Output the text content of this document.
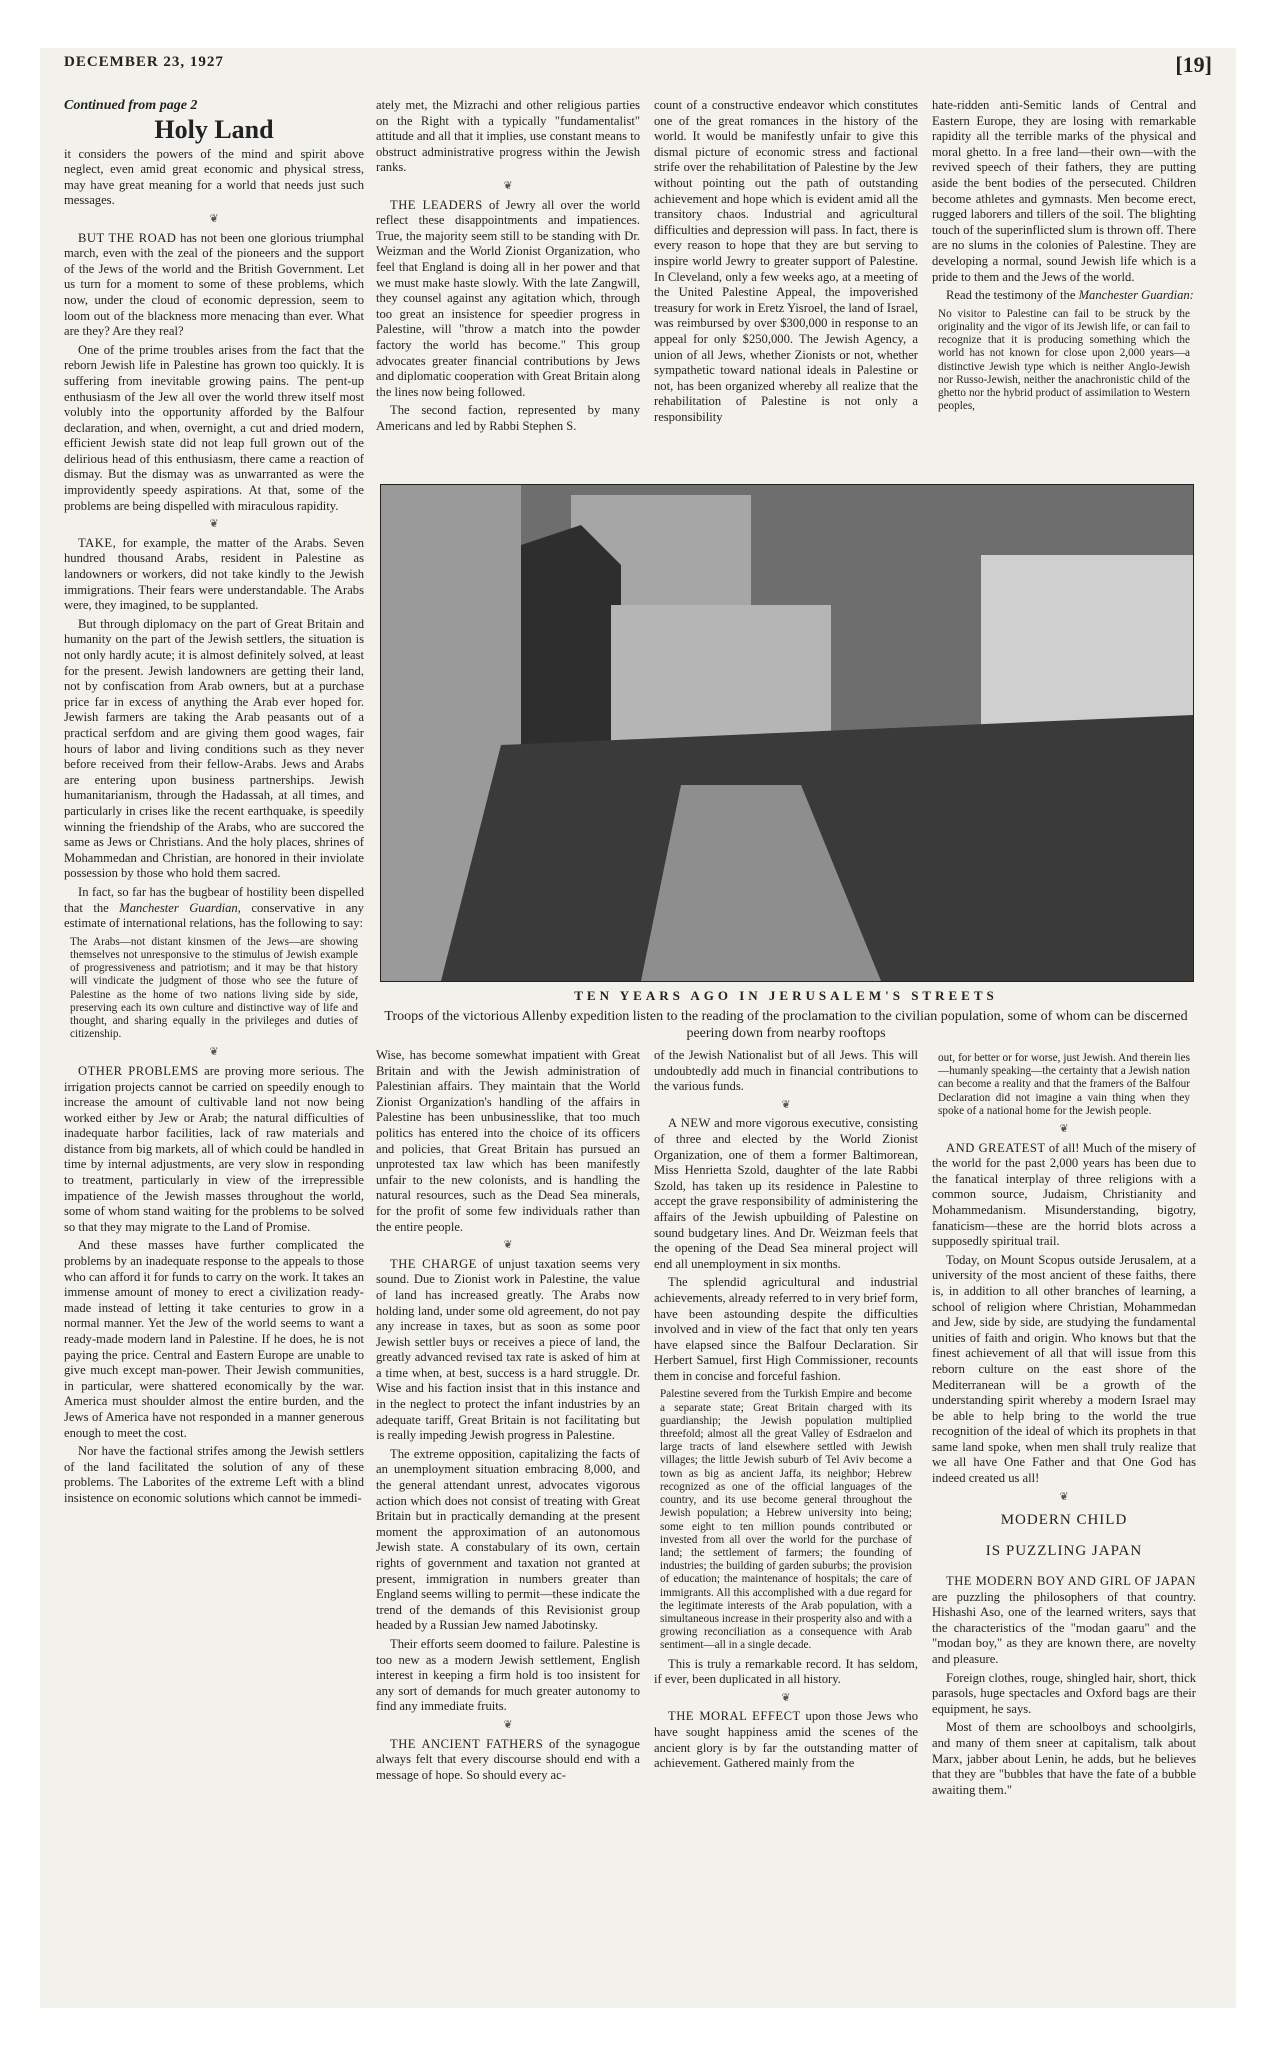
DECEMBER 23, 1927	[19]
Continued from page 2
Holy Land

it considers the powers of the mind and spirit above neglect, even amid great economic and physical stress, may have great meaning for a world that needs just such messages.

❦

BUT THE ROAD has not been one glorious triumphal march, even with the zeal of the pioneers and the support of the Jews of the world and the British Government. Let us turn for a moment to some of these problems, which now, under the cloud of economic depression, seem to loom out of the blackness more menacing than ever. What are they? Are they real?

One of the prime troubles arises from the fact that the reborn Jewish life in Palestine has grown too quickly. It is suffering from inevitable growing pains. The pent-up enthusiasm of the Jew all over the world threw itself most volubly into the opportunity afforded by the Balfour declaration, and when, overnight, a cut and dried modern, efficient Jewish state did not leap full grown out of the delirious head of this enthusiasm, there came a reaction of dismay. But the dismay was as unwarranted as were the improvidently speedy aspirations. At that, some of the problems are being dispelled with miraculous rapidity.

❦

TAKE, for example, the matter of the Arabs. Seven hundred thousand Arabs, resident in Palestine as landowners or workers, did not take kindly to the Jewish immigrations. Their fears were understandable. The Arabs were, they imagined, to be supplanted.

But through diplomacy on the part of Great Britain and humanity on the part of the Jewish settlers, the situation is not only hardly acute; it is almost definitely solved, at least for the present. Jewish landowners are getting their land, not by confiscation from Arab owners, but at a purchase price far in excess of anything the Arab ever hoped for. Jewish farmers are taking the Arab peasants out of a practical serfdom and are giving them good wages, fair hours of labor and living conditions such as they never before received from their fellow-Arabs. Jews and Arabs are entering upon business partnerships. Jewish humanitarianism, through the Hadassah, at all times, and particularly in crises like the recent earthquake, is speedily winning the friendship of the Arabs, who are succored the same as Jews or Christians. And the holy places, shrines of Mohammedan and Christian, are honored in their inviolate possession by those who hold them sacred.

In fact, so far has the bugbear of hostility been dispelled that the Manchester Guardian, conservative in any estimate of international relations, has the following to say:

The Arabs—not distant kinsmen of the Jews—are showing themselves not unresponsive to the stimulus of Jewish example of progressiveness and patriotism; and it may be that history will vindicate the judgment of those who see the future of Palestine as the home of two nations living side by side, preserving each its own culture and distinctive way of life and thought, and sharing equally in the privileges and duties of citizenship.
❦

OTHER PROBLEMS are proving more serious. The irrigation projects cannot be carried on speedily enough to increase the amount of cultivable land not now being worked either by Jew or Arab; the natural difficulties of inadequate harbor facilities, lack of raw materials and distance from big markets, all of which could be handled in time by internal adjustments, are very slow in responding to treatment, particularly in view of the irrepressible impatience of the Jewish masses throughout the world, some of whom stand waiting for the problems to be solved so that they may migrate to the Land of Promise.

And these masses have further complicated the problems by an inadequate response to the appeals to those who can afford it for funds to carry on the work. It takes an immense amount of money to erect a civilization ready-made instead of letting it take centuries to grow in a normal manner. Yet the Jew of the world seems to want a ready-made modern land in Palestine. If he does, he is not paying the price. Central and Eastern Europe are unable to give much except man-power. Their Jewish communities, in particular, were shattered economically by the war. America must shoulder almost the entire burden, and the Jews of America have not responded in a manner generous enough to meet the cost.

Nor have the factional strifes among the Jewish settlers of the land facilitated the solution of any of these problems. The Laborites of the extreme Left with a blind insistence on economic solutions which cannot be immedi-

ately met, the Mizrachi and other religious parties on the Right with a typically "fundamentalist" attitude and all that it implies, use constant means to obstruct administrative progress within the Jewish ranks.

❦

THE LEADERS of Jewry all over the world reflect these disappointments and impatiences. True, the majority seem still to be standing with Dr. Weizman and the World Zionist Organization, who feel that England is doing all in her power and that we must make haste slowly. With the late Zangwill, they counsel against any agitation which, through too great an insistence for speedier progress in Palestine, will "throw a match into the powder factory the world has become." This group advocates greater financial contributions by Jews and diplomatic cooperation with Great Britain along the lines now being followed.

The second faction, represented by many Americans and led by Rabbi Stephen S.

count of a constructive endeavor which constitutes one of the great romances in the history of the world. It would be manifestly unfair to give this dismal picture of economic stress and factional strife over the rehabilitation of Palestine by the Jew without pointing out the path of outstanding achievement and hope which is evident amid all the transitory chaos. Industrial and agricultural difficulties and depression will pass. In fact, there is every reason to hope that they are but serving to inspire world Jewry to greater support of Palestine. In Cleveland, only a few weeks ago, at a meeting of the United Palestine Appeal, the impoverished treasury for work in Eretz Yisroel, the land of Israel, was reimbursed by over $300,000 in response to an appeal for only $250,000. The Jewish Agency, a union of all Jews, whether Zionists or not, whether sympathetic toward national ideals in Palestine or not, has been organized whereby all realize that the rehabilitation of Palestine is not only a responsibility

hate-ridden anti-Semitic lands of Central and Eastern Europe, they are losing with remarkable rapidity all the terrible marks of the physical and moral ghetto. In a free land—their own—with the revived speech of their fathers, they are putting aside the bent bodies of the persecuted. Children become athletes and gymnasts. Men become erect, rugged laborers and tillers of the soil. The blighting touch of the superinflicted slum is thrown off. There are no slums in the colonies of Palestine. They are developing a normal, sound Jewish life which is a pride to them and the Jews of the world.

Read the testimony of the Manchester Guardian:

No visitor to Palestine can fail to be struck by the originality and the vigor of its Jewish life, or can fail to recognize that it is producing something which the world has not known for close upon 2,000 years—a distinctive Jewish type which is neither Anglo-Jewish nor Russo-Jewish, neither the anachronistic child of the ghetto nor the hybrid product of assimilation to Western peoples,
TEN YEARS AGO IN JERUSALEM'S STREETS
Troops of the victorious Allenby expedition listen to the reading of the proclamation to the civilian population, some of whom can be discerned peering down from nearby rooftops

Wise, has become somewhat impatient with Great Britain and with the Jewish administration of Palestinian affairs. They maintain that the World Zionist Organization's handling of the affairs in Palestine has been unbusinesslike, that too much politics has entered into the choice of its officers and policies, that Great Britain has pursued an unprotested tax law which has been manifestly unfair to the new colonists, and is handling the natural resources, such as the Dead Sea minerals, for the profit of some few individuals rather than the entire people.

❦

THE CHARGE of unjust taxation seems very sound. Due to Zionist work in Palestine, the value of land has increased greatly. The Arabs now holding land, under some old agreement, do not pay any increase in taxes, but as soon as some poor Jewish settler buys or receives a piece of land, the greatly advanced revised tax rate is asked of him at a time when, at best, success is a hard struggle. Dr. Wise and his faction insist that in this instance and in the neglect to protect the infant industries by an adequate tariff, Great Britain is not facilitating but is really impeding Jewish progress in Palestine.

The extreme opposition, capitalizing the facts of an unemployment situation embracing 8,000, and the general attendant unrest, advocates vigorous action which does not consist of treating with Great Britain but in practically demanding at the present moment the approximation of an autonomous Jewish state. A constabulary of its own, certain rights of government and taxation not granted at present, immigration in numbers greater than England seems willing to permit—these indicate the trend of the demands of this Revisionist group headed by a Russian Jew named Jabotinsky.

Their efforts seem doomed to failure. Palestine is too new as a modern Jewish settlement, English interest in keeping a firm hold is too insistent for any sort of demands for much greater autonomy to find any immediate fruits.

❦

THE ANCIENT FATHERS of the synagogue always felt that every discourse should end with a message of hope. So should every ac-

of the Jewish Nationalist but of all Jews. This will undoubtedly add much in financial contributions to the various funds.

❦

A NEW and more vigorous executive, consisting of three and elected by the World Zionist Organization, one of them a former Baltimorean, Miss Henrietta Szold, daughter of the late Rabbi Szold, has taken up its residence in Palestine to accept the grave responsibility of administering the affairs of the Jewish upbuilding of Palestine on sound budgetary lines. And Dr. Weizman feels that the opening of the Dead Sea mineral project will end all unemployment in six months.

The splendid agricultural and industrial achievements, already referred to in very brief form, have been astounding despite the difficulties involved and in view of the fact that only ten years have elapsed since the Balfour Declaration. Sir Herbert Samuel, first High Commissioner, recounts them in concise and forceful fashion.

Palestine severed from the Turkish Empire and become a separate state; Great Britain charged with its guardianship; the Jewish population multiplied threefold; almost all the great Valley of Esdraelon and large tracts of land elsewhere settled with Jewish villages; the little Jewish suburb of Tel Aviv become a town as big as ancient Jaffa, its neighbor; Hebrew recognized as one of the official languages of the country, and its use become general throughout the Jewish population; a Hebrew university into being; some eight to ten million pounds contributed or invested from all over the world for the purchase of land; the settlement of farmers; the founding of industries; the building of garden suburbs; the provision of education; the maintenance of hospitals; the care of immigrants. All this accomplished with a due regard for the legitimate interests of the Arab population, with a simultaneous increase in their prosperity also and with a growing reconciliation as a consequence with Arab sentiment—all in a single decade.

This is truly a remarkable record. It has seldom, if ever, been duplicated in all history.

❦

THE MORAL EFFECT upon those Jews who have sought happiness amid the scenes of the ancient glory is by far the outstanding matter of achievement. Gathered mainly from the

out, for better or for worse, just Jewish. And therein lies—humanly speaking—the certainty that a Jewish nation can become a reality and that the framers of the Balfour Declaration did not imagine a vain thing when they spoke of a national home for the Jewish people.
❦

AND GREATEST of all! Much of the misery of the world for the past 2,000 years has been due to the fanatical interplay of three religions with a common source, Judaism, Christianity and Mohammedanism. Misunderstanding, bigotry, fanaticism—these are the horrid blots across a supposedly spiritual trail.

Today, on Mount Scopus outside Jerusalem, at a university of the most ancient of these faiths, there is, in addition to all other branches of learning, a school of religion where Christian, Mohammedan and Jew, side by side, are studying the fundamental unities of faith and origin. Who knows but that the finest achievement of all that will issue from this reborn culture on the east shore of the Mediterranean will be a growth of the understanding spirit whereby a modern Israel may be able to help bring to the world the true recognition of the ideal of which its prophets in that same land spoke, when men shall truly realize that we all have One Father and that One God has indeed created us all!

❦
MODERN CHILD

IS PUZZLING JAPAN

THE MODERN BOY AND GIRL OF JAPAN are puzzling the philosophers of that country. Hishashi Aso, one of the learned writers, says that the characteristics of the "modan gaaru" and the "modan boy," as they are known there, are novelty and pleasure.

Foreign clothes, rouge, shingled hair, short, thick parasols, huge spectacles and Oxford bags are their equipment, he says.

Most of them are schoolboys and schoolgirls, and many of them sneer at capitalism, talk about Marx, jabber about Lenin, he adds, but he believes that they are "bubbles that have the fate of a bubble awaiting them."
